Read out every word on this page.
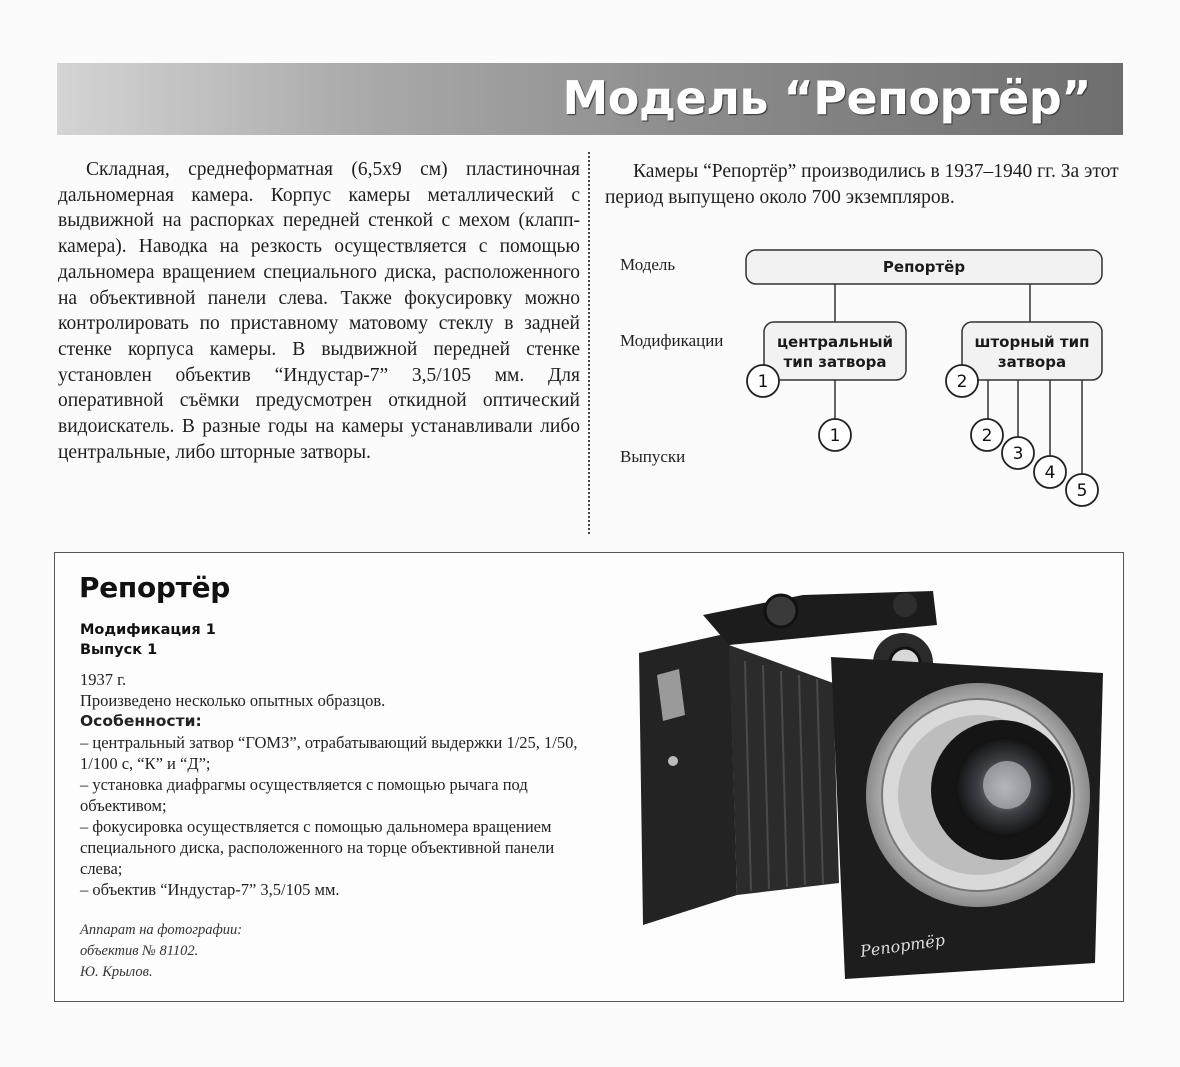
Модель “Репортёр”

Складная, среднеформатная (6,5х9 см) пластиночная дальномерная камера. Корпус камеры металлический с выдвижной на распорках передней стенкой с мехом (клапп-камера). Наводка на резкость осуществляется с помощью дальномера вращением специального диска, расположенного на объективной панели слева. Также фокусировку можно контролировать по приставному матовому стеклу в задней стенке корпуса камеры. В выдвижной передней стенке установлен объектив “Индустар-7” 3,5/105 мм. Для оперативной съёмки предусмотрен откидной оптический видоискатель. В разные годы на камеры устанавливали либо центральные, либо шторные затворы.

Камеры “Репортёр” производились в 1937–1940 гг. За этот период выпущено около 700 экземпляров.

Модель
Модификации
Выпуски
Репортёр
центральный
тип затвора
1
шторный тип
затвора
2
1	2
3
4
5
Репортёр
Модификация 1
Выпуск 1
1937 г.
Произведено несколько опытных образцов.
Особенности:
– центральный затвор “ГОМЗ”, отрабатывающий выдержки 1/25, 1/50, 1/100 с, “К” и “Д”;
– установка диафрагмы осуществляется с помощью рычага под объективом;
– фокусировка осуществляется с помощью дальномера вращением специального диска, расположенного на торце объективной панели слева;
– объектив “Индустар-7” 3,5/105 мм.
Аппарат на фотографии:
объектив № 81102.
Ю. Крылов.
Репортёр
